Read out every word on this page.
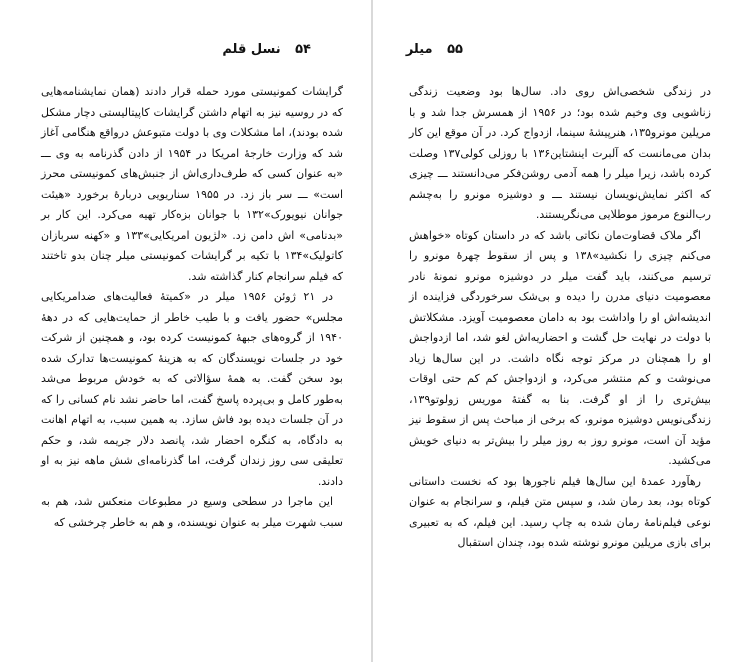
۵۴ نسل قلم

گرایشات کمونیستی مورد حمله قرار دادند (همان نمایشنامه‌هایی که در روسیه نیز به اتهام داشتن گرایشات کاپیتالیستی دچار مشکل شده بودند)، اما مشکلات وی با دولت متبوعش درواقع هنگامی آغاز شد که وزارت خارجهٔ امریکا در ۱۹۵۴ از دادن گذرنامه به وی ـــ «به عنوان کسی که طرف‌داری‌اش از جنبش‌های کمونیستی محرز است» ـــ سر باز زد. در ۱۹۵۵ سناریویی دربارهٔ برخورد «هیئت جوانان نیویورک»۱۳۲ با جوانان بزه‌کار تهیه می‌کرد. این کار بر «بدنامی» اش دامن زد. «لژیون امریکایی»۱۳۳ و «کهنه سربازان کاتولیک»۱۳۴ با تکیه بر گرایشات کمونیستی میلر چنان بدو تاختند که فیلم سرانجام کنار گذاشته شد.

در ۲۱ ژوئن ۱۹۵۶ میلر در «کمیتهٔ فعالیت‌های ضدامریکایی مجلس» حضور یافت و با طیب خاطر از حمایت‌هایی که در دههٔ ۱۹۴۰ از گروه‌های جبههٔ کمونیست کرده بود، و همچنین از شرکت خود در جلسات نویسندگان که به هزینهٔ کمونیست‌ها تدارک شده بود سخن گفت. به همهٔ سؤالاتی که به خودش مربوط می‌شد به‌طور کامل و بی‌پرده پاسخ گفت، اما حاضر نشد نام کسانی را که در آن جلسات دیده بود فاش سازد. به همین سبب، به اتهام اهانت به دادگاه، به کنگره احضار شد، پانصد دلار جریمه شد، و حکم تعلیقی سی روز زندان گرفت، اما گذرنامه‌ای شش ماهه نیز به او دادند.

این ماجرا در سطحی وسیع در مطبوعات منعکس شد، هم به سبب شهرت میلر به عنوان نویسنده، و هم به خاطر چرخشی که

۵۵ میلر

در زندگی شخصی‌اش روی داد. سال‌ها بود وضعیت زندگی زناشویی وی وخیم شده بود؛ در ۱۹۵۶ از همسرش جدا شد و با مریلین مونرو۱۳۵، هنرپیشهٔ سینما، ازدواج کرد. در آن موقع این کار بدان می‌مانست که آلبرت اینشتاین۱۳۶ با روزلی کولی۱۳۷ وصلت کرده باشد، زیرا میلر را همه آدمی روشن‌فکر می‌دانستند ـــ چیزی که اکثر نمایش‌نویسان نیستند ـــ و دوشیزه مونرو را به‌چشم رب‌النوع مرموز موطلایی می‌نگریستند.

اگر ملاک قضاوت‌مان نکاتی باشد که در داستان کوتاه «خواهش می‌کنم چیزی را نکشید»۱۳۸ و پس از سقوط چهرهٔ مونرو را ترسیم می‌کنند، باید گفت میلر در دوشیزه مونرو نمونهٔ نادر معصومیت دنیای مدرن را دیده و بی‌شک سرخوردگی فزاینده از اندیشه‌اش او را واداشت بود به دامان معصومیت آویزد. مشکلاتش با دولت در نهایت حل گشت و احضاریه‌اش لغو شد، اما ازدواجش او را همچنان در مرکز توجه نگاه داشت. در این سال‌ها زیاد می‌نوشت و کم منتشر می‌کرد، و ازدواجش کم کم حتی اوقات بیش‌تری را از او گرفت. بنا به گفتهٔ موریس زولوتو۱۳۹، زندگی‌نویس دوشیزه مونرو، که برخی از مباحث پس از سقوط نیز مؤید آن است، مونرو روز به روز میلر را بیش‌تر به دنیای خویش می‌کشید.

رهآورد عمدهٔ این سال‌ها فیلم ناجورها بود که نخست داستانی کوتاه بود، بعد رمان شد، و سپس متن فیلم، و سرانجام به عنوان نوعی فیلم‌نامهٔ رمان شده به چاپ رسید. این فیلم، که به تعبیری برای بازی مریلین مونرو نوشته شده بود، چندان استقبال
